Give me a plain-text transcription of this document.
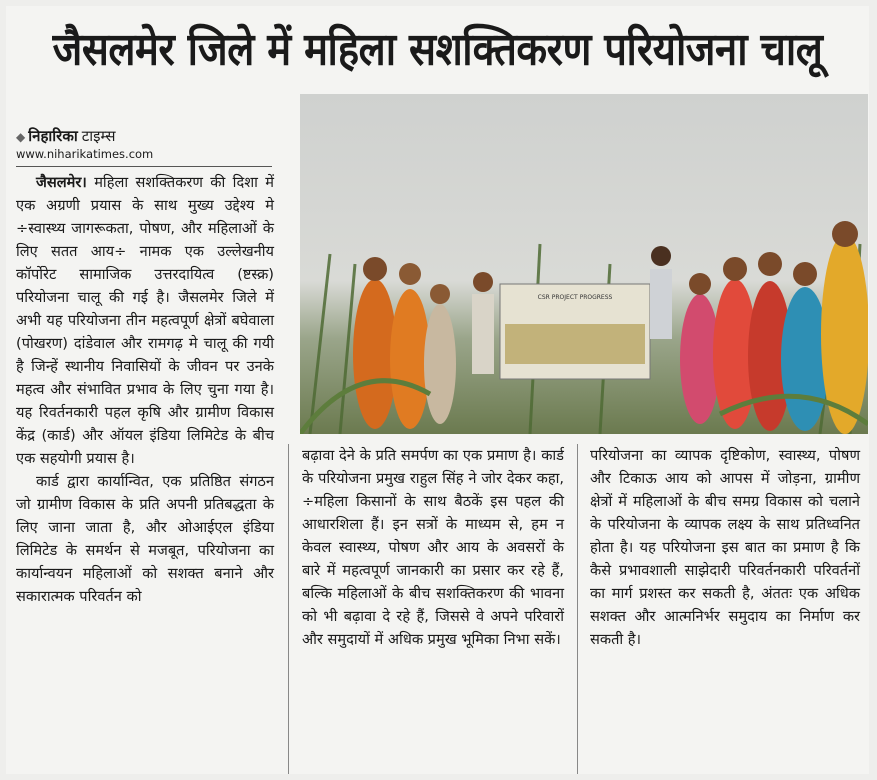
जैसलमेर जिले में महिला सशक्तिकरण परियोजना चालू
◆ निहारिका टाइम्स
www.niharikatimes.com
CSR PROJECT PROGRESS

जैसलमेर। महिला सशक्तिकरण की दिशा में एक अग्रणी प्रयास के साथ मुख्य उद्देश्य मे ÷स्वास्थ्य जागरूकता, पोषण, और महिलाओं के लिए सतत आय÷ नामक एक उल्लेखनीय कॉर्पोरेट सामाजिक उत्तरदायित्व (ष्टस्क्र) परियोजना चालू की गई है। जैसलमेर जिले में अभी यह परियोजना तीन महत्वपूर्ण क्षेत्रों बघेवाला (पोखरण) दांडेवाल और रामगढ़ मे चालू की गयी है जिन्हें स्थानीय निवासियों के जीवन पर उनके महत्व और संभावित प्रभाव के लिए चुना गया है। यह रिवर्तनकारी पहल कृषि और ग्रामीण विकास केंद्र (कार्ड) और ऑयल इंडिया लिमिटेड के बीच एक सहयोगी प्रयास है।

कार्ड द्वारा कार्यान्वित, एक प्रतिष्ठित संगठन जो ग्रामीण विकास के प्रति अपनी प्रतिबद्धता के लिए जाना जाता है, और ओआईएल इंडिया लिमिटेड के समर्थन से मजबूत, परियोजना का कार्यान्वयन महिलाओं को सशक्त बनाने और सकारात्मक परिवर्तन को

बढ़ावा देने के प्रति समर्पण का एक प्रमाण है। कार्ड के परियोजना प्रमुख राहुल सिंह ने जोर देकर कहा, ÷महिला किसानों के साथ बैठकें इस पहल की आधारशिला हैं। इन सत्रों के माध्यम से, हम न केवल स्वास्थ्य, पोषण और आय के अवसरों के बारे में महत्वपूर्ण जानकारी का प्रसार कर रहे हैं, बल्कि महिलाओं के बीच सशक्तिकरण की भावना को भी बढ़ावा दे रहे हैं, जिससे वे अपने परिवारों और समुदायों में अधिक प्रमुख भूमिका निभा सकें।

परियोजना का व्यापक दृष्टिकोण, स्वास्थ्य, पोषण और टिकाऊ आय को आपस में जोड़ना, ग्रामीण क्षेत्रों में महिलाओं के बीच समग्र विकास को चलाने के परियोजना के व्यापक लक्ष्य के साथ प्रतिध्वनित होता है। यह परियोजना इस बात का प्रमाण है कि कैसे प्रभावशाली साझेदारी परिवर्तनकारी परिवर्तनों का मार्ग प्रशस्त कर सकती है, अंततः एक अधिक सशक्त और आत्मनिर्भर समुदाय का निर्माण कर सकती है।
